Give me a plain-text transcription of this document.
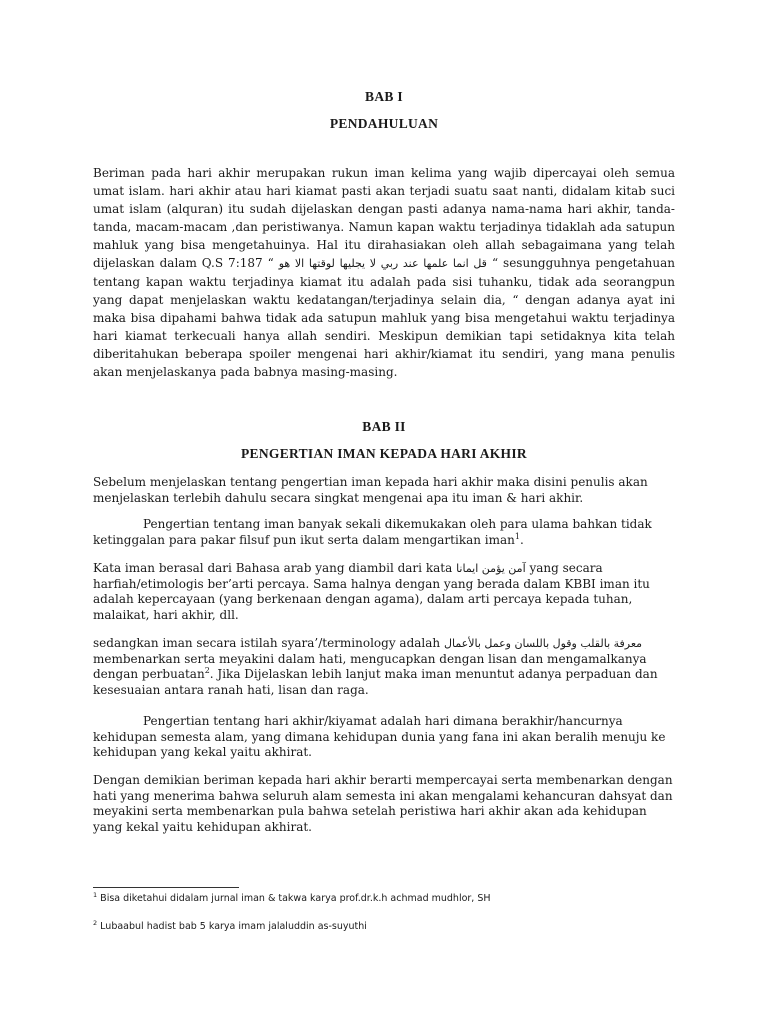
BAB I
PENDAHULUAN

Beriman pada hari akhir merupakan rukun iman kelima yang wajib dipercayai oleh semua umat islam. hari akhir atau hari kiamat pasti akan terjadi suatu saat nanti, didalam kitab suci umat islam (alquran) itu sudah dijelaskan dengan pasti adanya nama-nama hari akhir, tanda-tanda, macam-macam ,dan peristiwanya. Namun kapan waktu terjadinya tidaklah ada satupun mahluk yang bisa mengetahuinya. Hal itu dirahasiakan oleh allah sebagaimana yang telah dijelaskan dalam Q.S 7:187 “ قل انما علمها عند ربي لا يجليها لوقتها الا هو “ sesungguhnya pengetahuan tentang kapan waktu terjadinya kiamat itu adalah pada sisi tuhanku, tidak ada seorangpun yang dapat menjelaskan waktu kedatangan/terjadinya selain dia, “ dengan adanya ayat ini maka bisa dipahami bahwa tidak ada satupun mahluk yang bisa mengetahui waktu terjadinya hari kiamat terkecuali hanya allah sendiri. Meskipun demikian tapi setidaknya kita telah diberitahukan beberapa spoiler mengenai hari akhir/kiamat itu sendiri, yang mana penulis akan menjelaskanya pada babnya masing-masing.

BAB II
PENGERTIAN IMAN KEPADA HARI AKHIR

Sebelum menjelaskan tentang pengertian iman kepada hari akhir maka disini penulis akan menjelaskan terlebih dahulu secara singkat mengenai apa itu iman & hari akhir.

Pengertian tentang iman banyak sekali dikemukakan oleh para ulama bahkan tidak ketinggalan para pakar filsuf pun ikut serta dalam mengartikan iman$^1$.

Kata iman berasal dari Bahasa arab yang diambil dari kata آمن يؤمن ايمانا yang secara harfiah/etimologis ber’arti percaya. Sama halnya dengan yang berada dalam KBBI iman itu adalah kepercayaan (yang berkenaan dengan agama), dalam arti percaya kepada tuhan, malaikat, hari akhir, dll.

sedangkan iman secara istilah syara’/terminology adalah معرفة بالقلب وقول باللسان وعمل بالأعمال membenarkan serta meyakini dalam hati, mengucapkan dengan lisan dan mengamalkanya dengan perbuatan$^2$. Jika Dijelaskan lebih lanjut maka iman menuntut adanya perpaduan dan kesesuaian antara ranah hati, lisan dan raga.

Pengertian tentang hari akhir/kiyamat adalah hari dimana berakhir/hancurnya kehidupan semesta alam, yang dimana kehidupan dunia yang fana ini akan beralih menuju ke kehidupan yang kekal yaitu akhirat.

Dengan demikian beriman kepada hari akhir berarti mempercayai serta membenarkan dengan hati yang menerima bahwa seluruh alam semesta ini akan mengalami kehancuran dahsyat dan meyakini serta membenarkan pula bahwa setelah peristiwa hari akhir akan ada kehidupan yang kekal yaitu kehidupan akhirat.

$^1$ Bisa diketahui didalam jurnal iman & takwa karya prof.dr.k.h achmad mudhlor, SH
$^2$ Lubaabul hadist bab 5 karya imam jalaluddin as-suyuthi
